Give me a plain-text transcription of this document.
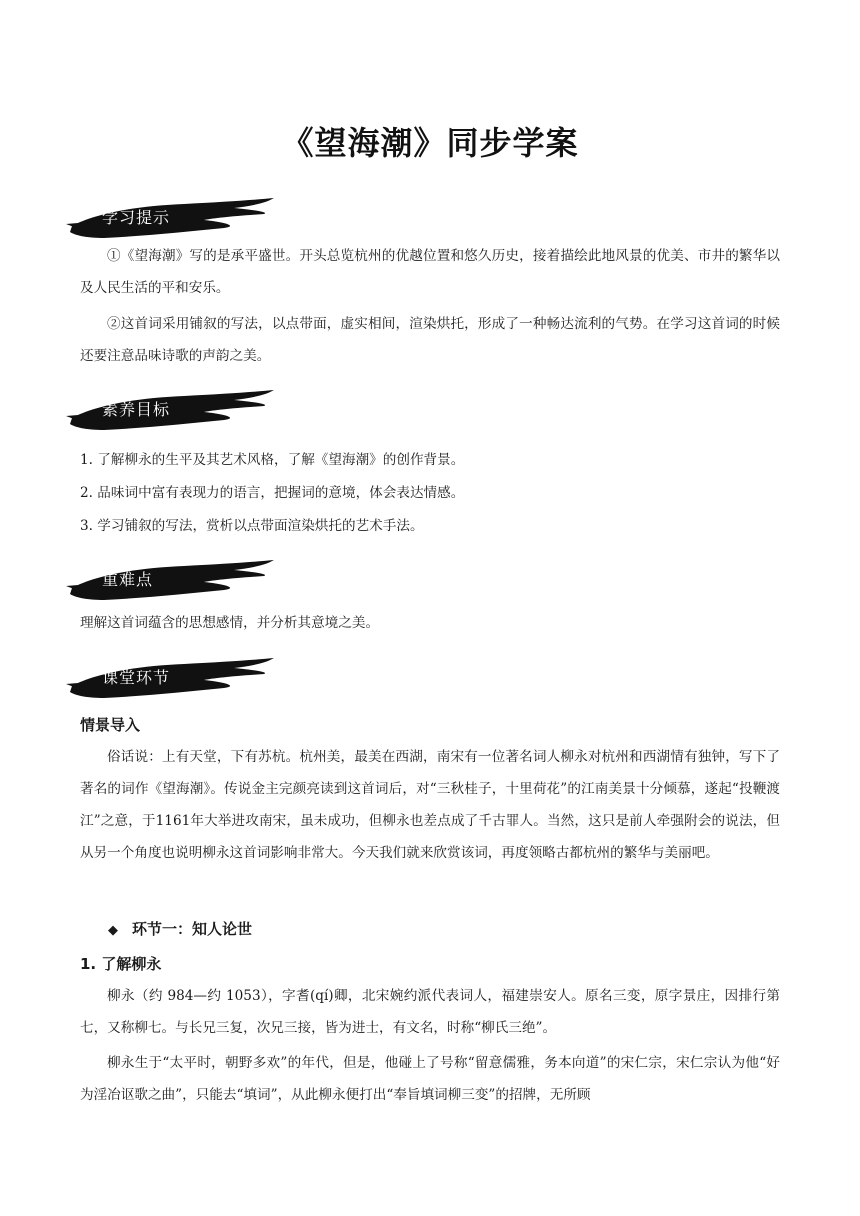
《望海潮》同步学案
学习提示
①《望海潮》写的是承平盛世。开头总览杭州的优越位置和悠久历史，接着描绘此地风景的优美、市井的繁华以及人民生活的平和安乐。
②这首词采用铺叙的写法，以点带面，虚实相间，渲染烘托，形成了一种畅达流利的气势。在学习这首词的时候还要注意品味诗歌的声韵之美。
素养目标
1. 了解柳永的生平及其艺术风格，了解《望海潮》的创作背景。
2. 品味词中富有表现力的语言，把握词的意境，体会表达情感。
3. 学习铺叙的写法，赏析以点带面渲染烘托的艺术手法。
重难点
理解这首词蕴含的思想感情，并分析其意境之美。
课堂环节
情景导入
俗话说：上有天堂，下有苏杭。杭州美，最美在西湖，南宋有一位著名词人柳永对杭州和西湖情有独钟，写下了著名的词作《望海潮》。传说金主完颜亮读到这首词后，对“三秋桂子，十里荷花”的江南美景十分倾慕，遂起“投鞭渡江”之意，于1161年大举进攻南宋，虽未成功，但柳永也差点成了千古罪人。当然，这只是前人牵强附会的说法，但从另一个角度也说明柳永这首词影响非常大。今天我们就来欣赏该词，再度领略古都杭州的繁华与美丽吧。
◆ 环节一：知人论世
1. 了解柳永
柳永（约 984—约 1053），字耆(qí)卿，北宋婉约派代表词人，福建崇安人。原名三变，原字景庄，因排行第七，又称柳七。与长兄三复，次兄三接，皆为进士，有文名，时称“柳氏三绝”。
柳永生于“太平时，朝野多欢”的年代，但是，他碰上了号称“留意儒雅，务本向道”的宋仁宗，宋仁宗认为他“好为淫冶讴歌之曲”，只能去“填词”，从此柳永便打出“奉旨填词柳三变”的招牌，无所顾
